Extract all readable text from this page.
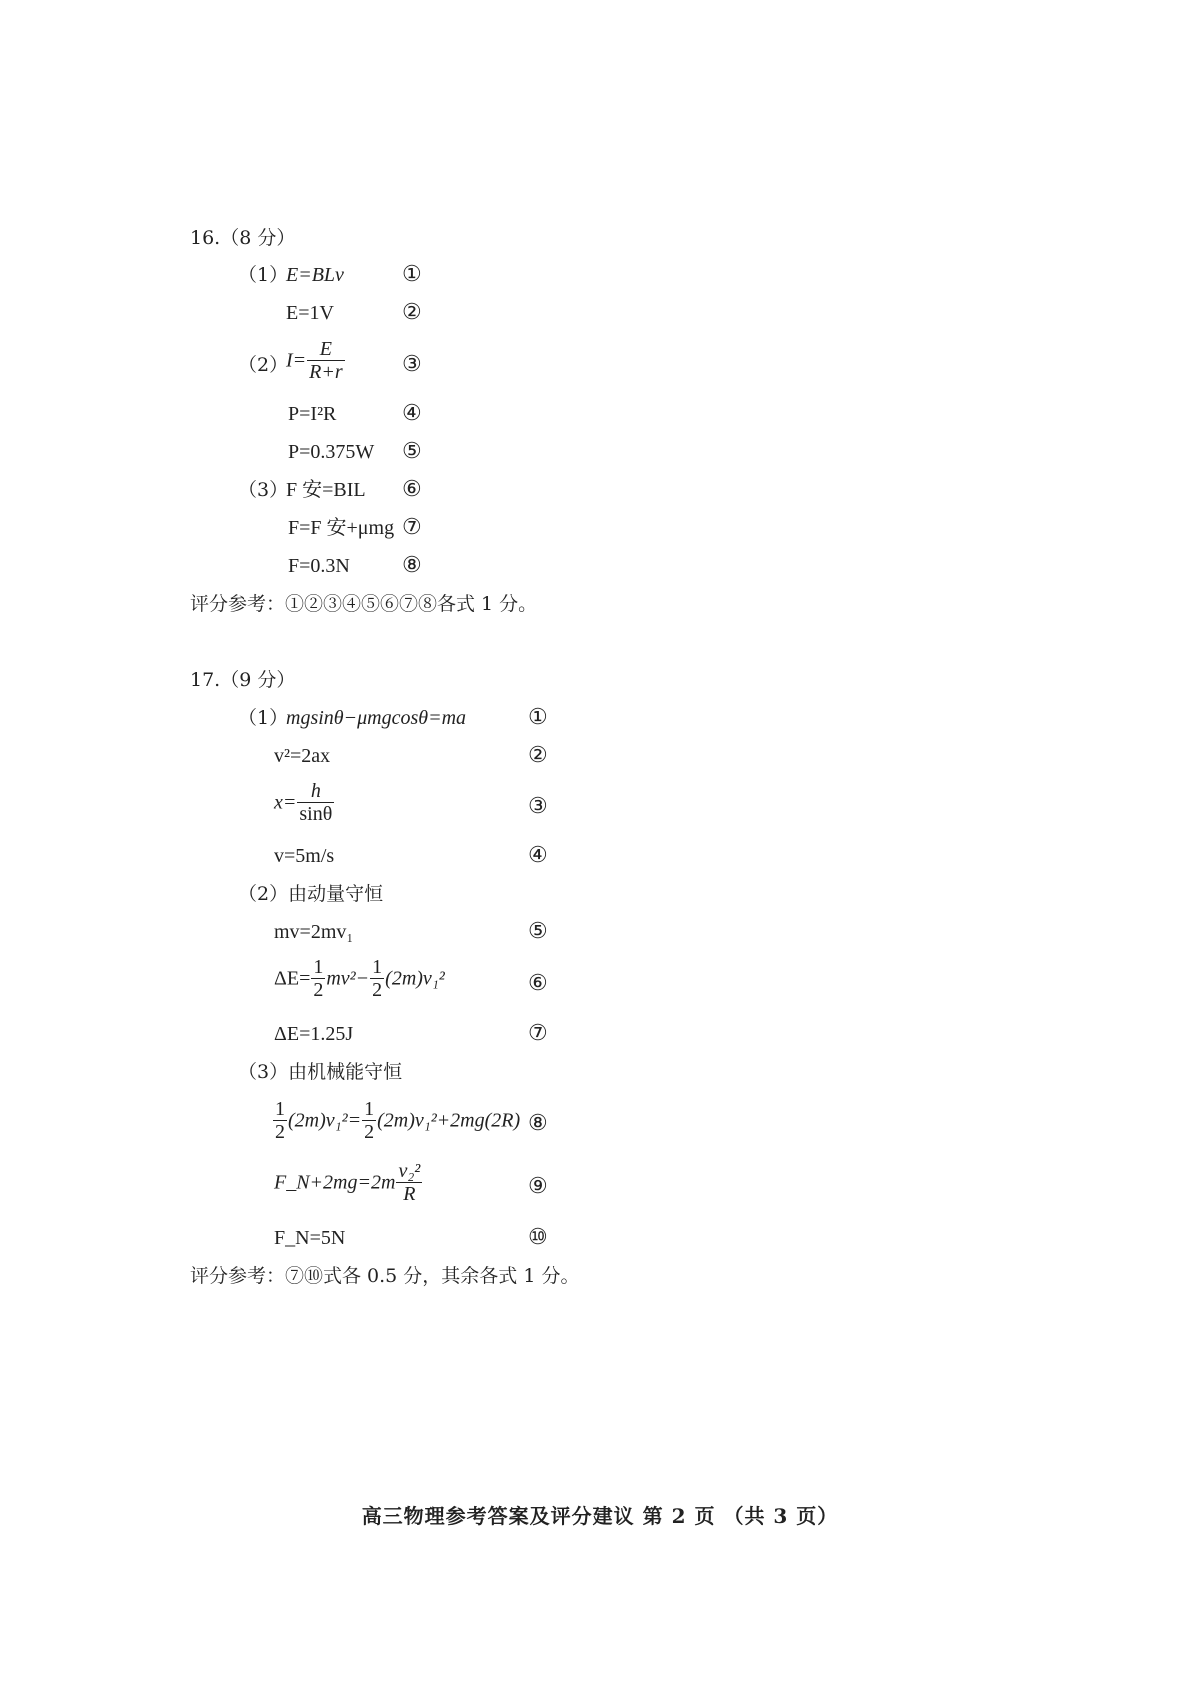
16.（8 分）
（1）
E=BLv	①
E=1V	②
（2）
$I= \frac{E}{R+r}$	③
P=I²R	④
P=0.375W ⑤
（3）
F 安=BIL ⑥
F=F 安+μmg ⑦
F=0.3N ⑧
评分参考：①②③④⑤⑥⑦⑧各式 1 分。
17.（9 分）
（1）
mgsinθ−μmgcosθ=ma	①
v²=2ax	②
$x= \frac{h}{\sin\theta}$	③
v=5m/s	④
（2）由动量守恒
mv=2mv₁	⑤
$\Delta E= \frac{1}{2} mv^2- \frac{1}{2} (2m)v_1^2$	⑥
ΔE=1.25J	⑦
（3）由机械能守恒
$\frac{1}{2} (2m)v_1^2= \frac{1}{2} (2m)v_1^2+2mg(2R)$ ⑧
F_N+2mg=2m $\frac{\text{v₂²}}{R}$	⑨
F_N=5N	⑩
评分参考：⑦⑩式各 0.5 分，其余各式 1 分。
高三物理参考答案及评分建议 第 2 页 （共 3 页）
